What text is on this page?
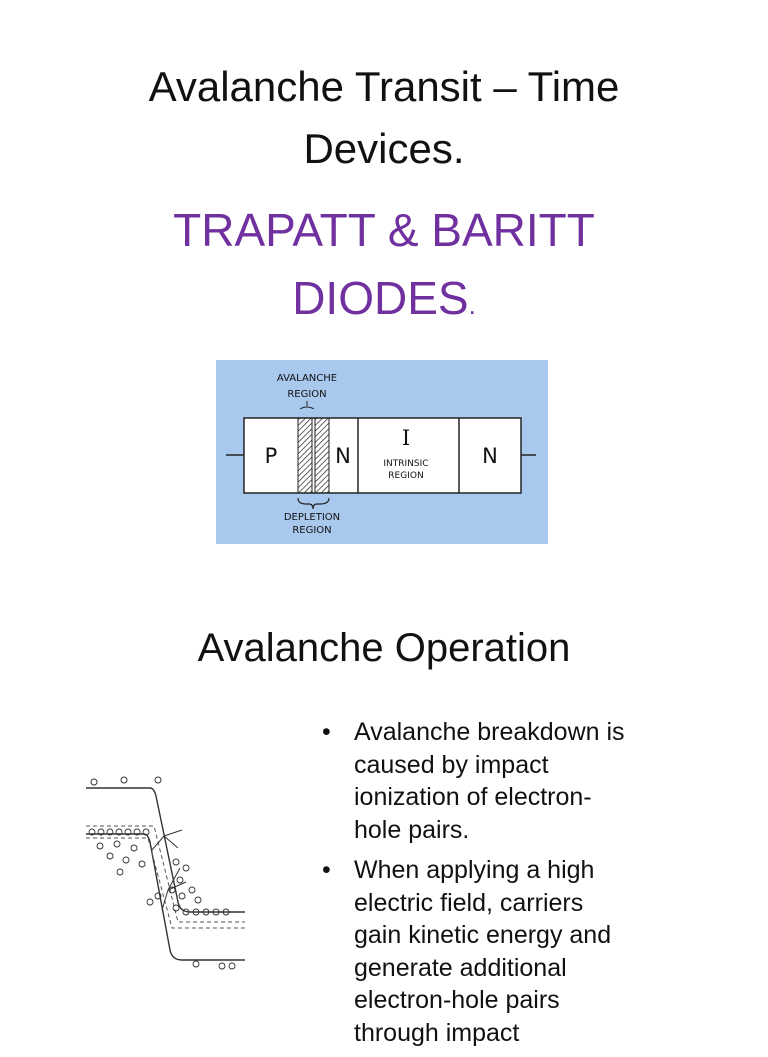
Avalanche Transit – Time
Devices.
TRAPATT & BARITT
DIODES.
P	N
I
INTRINSIC
REGION
N
AVALANCHE
REGION
DEPLETION
REGION
Avalanche Operation
• Avalanche breakdown is
caused by impact
ionization of electron-
hole pairs.
• When applying a high
electric field, carriers
gain kinetic energy and
generate additional
electron-hole pairs
through impact
